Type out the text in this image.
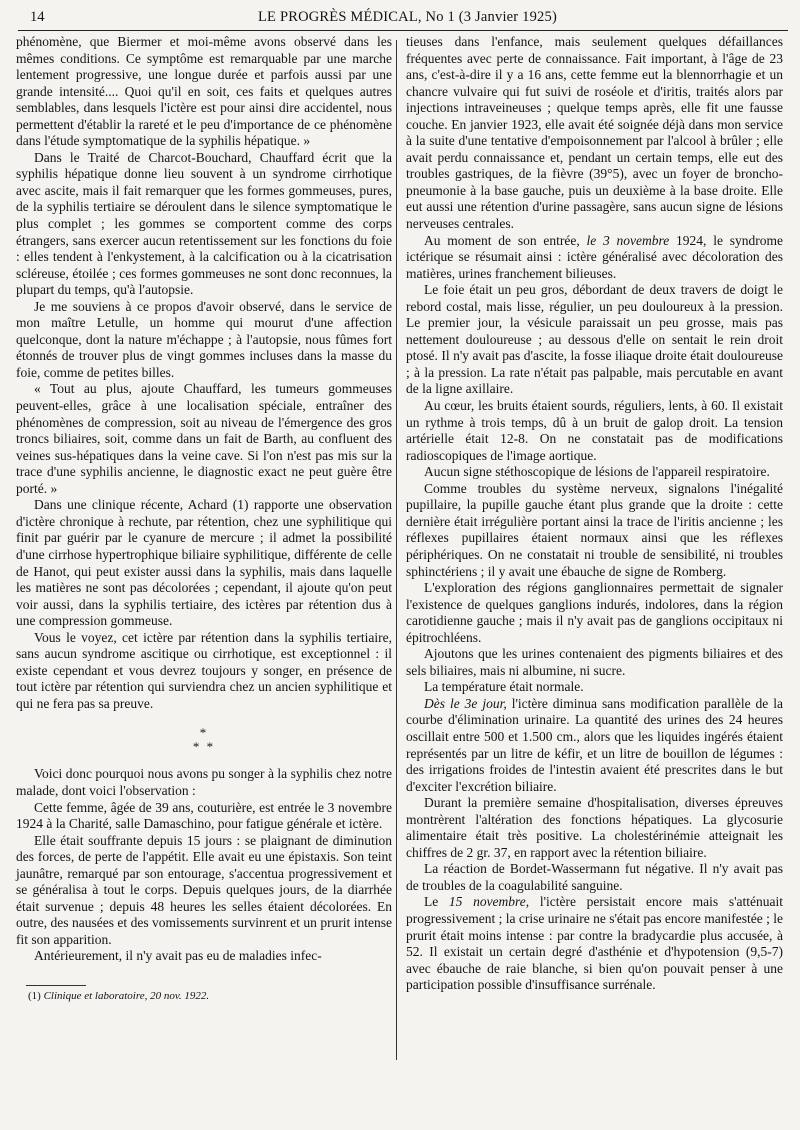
14	LE PROGRÈS MÉDICAL, No 1 (3 Janvier 1925)

phénomène, que Biermer et moi-même avons observé dans les mêmes conditions. Ce symptôme est remarquable par une marche lentement progressive, une longue durée et parfois aussi par une grande intensité.... Quoi qu'il en soit, ces faits et quelques autres semblables, dans lesquels l'ictère est pour ainsi dire accidentel, nous permettent d'établir la rareté et le peu d'importance de ce phénomène dans l'étude symptomatique de la syphilis hépatique. »

Dans le Traité de Charcot-Bouchard, Chauffard écrit que la syphilis hépatique donne lieu souvent à un syndrome cirrhotique avec ascite, mais il fait remarquer que les formes gommeuses, pures, de la syphilis tertiaire se déroulent dans le silence symptomatique le plus complet ; les gommes se comportent comme des corps étrangers, sans exercer aucun retentissement sur les fonctions du foie : elles tendent à l'enkystement, à la calcification ou à la cicatrisation scléreuse, étoilée ; ces formes gommeuses ne sont donc reconnues, la plupart du temps, qu'à l'autopsie.

Je me souviens à ce propos d'avoir observé, dans le service de mon maître Letulle, un homme qui mourut d'une affection quelconque, dont la nature m'échappe ; à l'autopsie, nous fûmes fort étonnés de trouver plus de vingt gommes incluses dans la masse du foie, comme de petites billes.

« Tout au plus, ajoute Chauffard, les tumeurs gommeuses peuvent-elles, grâce à une localisation spéciale, entraîner des phénomènes de compression, soit au niveau de l'émergence des gros troncs biliaires, soit, comme dans un fait de Barth, au confluent des veines sus-hépatiques dans la veine cave. Si l'on n'est pas mis sur la trace d'une syphilis ancienne, le diagnostic exact ne peut guère être porté. »

Dans une clinique récente, Achard (1) rapporte une observation d'ictère chronique à rechute, par rétention, chez une syphilitique qui finit par guérir par le cyanure de mercure ; il admet la possibilité d'une cirrhose hypertrophique biliaire syphilitique, différente de celle de Hanot, qui peut exister aussi dans la syphilis, mais dans laquelle les matières ne sont pas décolorées ; cependant, il ajoute qu'on peut voir aussi, dans la syphilis tertiaire, des ictères par rétention dus à une compression gommeuse.

Vous le voyez, cet ictère par rétention dans la syphilis tertiaire, sans aucun syndrome ascitique ou cirrhotique, est exceptionnel : il existe cependant et vous devrez toujours y songer, en présence de tout ictère par rétention qui surviendra chez un ancien syphilitique et qui ne fera pas sa preuve.

*
* *

Voici donc pourquoi nous avons pu songer à la syphilis chez notre malade, dont voici l'observation :

Cette femme, âgée de 39 ans, couturière, est entrée le 3 novembre 1924 à la Charité, salle Damaschino, pour fatigue générale et ictère.

Elle était souffrante depuis 15 jours : se plaignant de diminution des forces, de perte de l'appétit. Elle avait eu une épistaxis. Son teint jaunâtre, remarqué par son entourage, s'accentua progressivement et se généralisa à tout le corps. Depuis quelques jours, de la diarrhée était survenue ; depuis 48 heures les selles étaient décolorées. En outre, des nausées et des vomissements survinrent et un prurit intense fit son apparition.

Antérieurement, il n'y avait pas eu de maladies infec-

(1) Clinique et laboratoire, 20 nov. 1922.

tieuses dans l'enfance, mais seulement quelques défaillances fréquentes avec perte de connaissance. Fait important, à l'âge de 23 ans, c'est-à-dire il y a 16 ans, cette femme eut la blennorrhagie et un chancre vulvaire qui fut suivi de roséole et d'iritis, traités alors par injections intraveineuses ; quelque temps après, elle fit une fausse couche. En janvier 1923, elle avait été soignée déjà dans mon service à la suite d'une tentative d'empoisonnement par l'alcool à brûler ; elle avait perdu connaissance et, pendant un certain temps, elle eut des troubles gastriques, de la fièvre (39°5), avec un foyer de broncho-pneumonie à la base gauche, puis un deuxième à la base droite. Elle eut aussi une rétention d'urine passagère, sans aucun signe de lésions nerveuses centrales.

Au moment de son entrée, le 3 novembre 1924, le syndrome ictérique se résumait ainsi : ictère généralisé avec décoloration des matières, urines franchement bilieuses.

Le foie était un peu gros, débordant de deux travers de doigt le rebord costal, mais lisse, régulier, un peu douloureux à la pression. Le premier jour, la vésicule paraissait un peu grosse, mais pas nettement douloureuse ; au dessous d'elle on sentait le rein droit ptosé. Il n'y avait pas d'ascite, la fosse iliaque droite était douloureuse ; à la pression. La rate n'était pas palpable, mais percutable en avant de la ligne axillaire.

Au cœur, les bruits étaient sourds, réguliers, lents, à 60. Il existait un rythme à trois temps, dû à un bruit de galop droit. La tension artérielle était 12-8. On ne constatait pas de modifications radioscopiques de l'image aortique.

Aucun signe stéthoscopique de lésions de l'appareil respiratoire.

Comme troubles du système nerveux, signalons l'inégalité pupillaire, la pupille gauche étant plus grande que la droite : cette dernière était irrégulière portant ainsi la trace de l'iritis ancienne ; les réflexes pupillaires étaient normaux ainsi que les réflexes périphériques. On ne constatait ni trouble de sensibilité, ni troubles sphinctériens ; il y avait une ébauche de signe de Romberg.

L'exploration des régions ganglionnaires permettait de signaler l'existence de quelques ganglions indurés, indolores, dans la région carotidienne gauche ; mais il n'y avait pas de ganglions occipitaux ni épitrochléens.

Ajoutons que les urines contenaient des pigments biliaires et des sels biliaires, mais ni albumine, ni sucre.

La température était normale.

Dès le 3e jour, l'ictère diminua sans modification parallèle de la courbe d'élimination urinaire. La quantité des urines des 24 heures oscillait entre 500 et 1.500 cm., alors que les liquides ingérés étaient représentés par un litre de kéfir, et un litre de bouillon de légumes : des irrigations froides de l'intestin avaient été prescrites dans le but d'exciter l'excrétion biliaire.

Durant la première semaine d'hospitalisation, diverses épreuves montrèrent l'altération des fonctions hépatiques. La glycosurie alimentaire était très positive. La cholestérinémie atteignait les chiffres de 2 gr. 37, en rapport avec la rétention biliaire.

La réaction de Bordet-Wassermann fut négative. Il n'y avait pas de troubles de la coagulabilité sanguine.

Le 15 novembre, l'ictère persistait encore mais s'atténuait progressivement ; la crise urinaire ne s'était pas encore manifestée ; le prurit était moins intense : par contre la bradycardie plus accusée, à 52. Il existait un certain degré d'asthénie et d'hypotension (9,5-7) avec ébauche de raie blanche, si bien qu'on pouvait penser à une participation possible d'insuffisance surrénale.
